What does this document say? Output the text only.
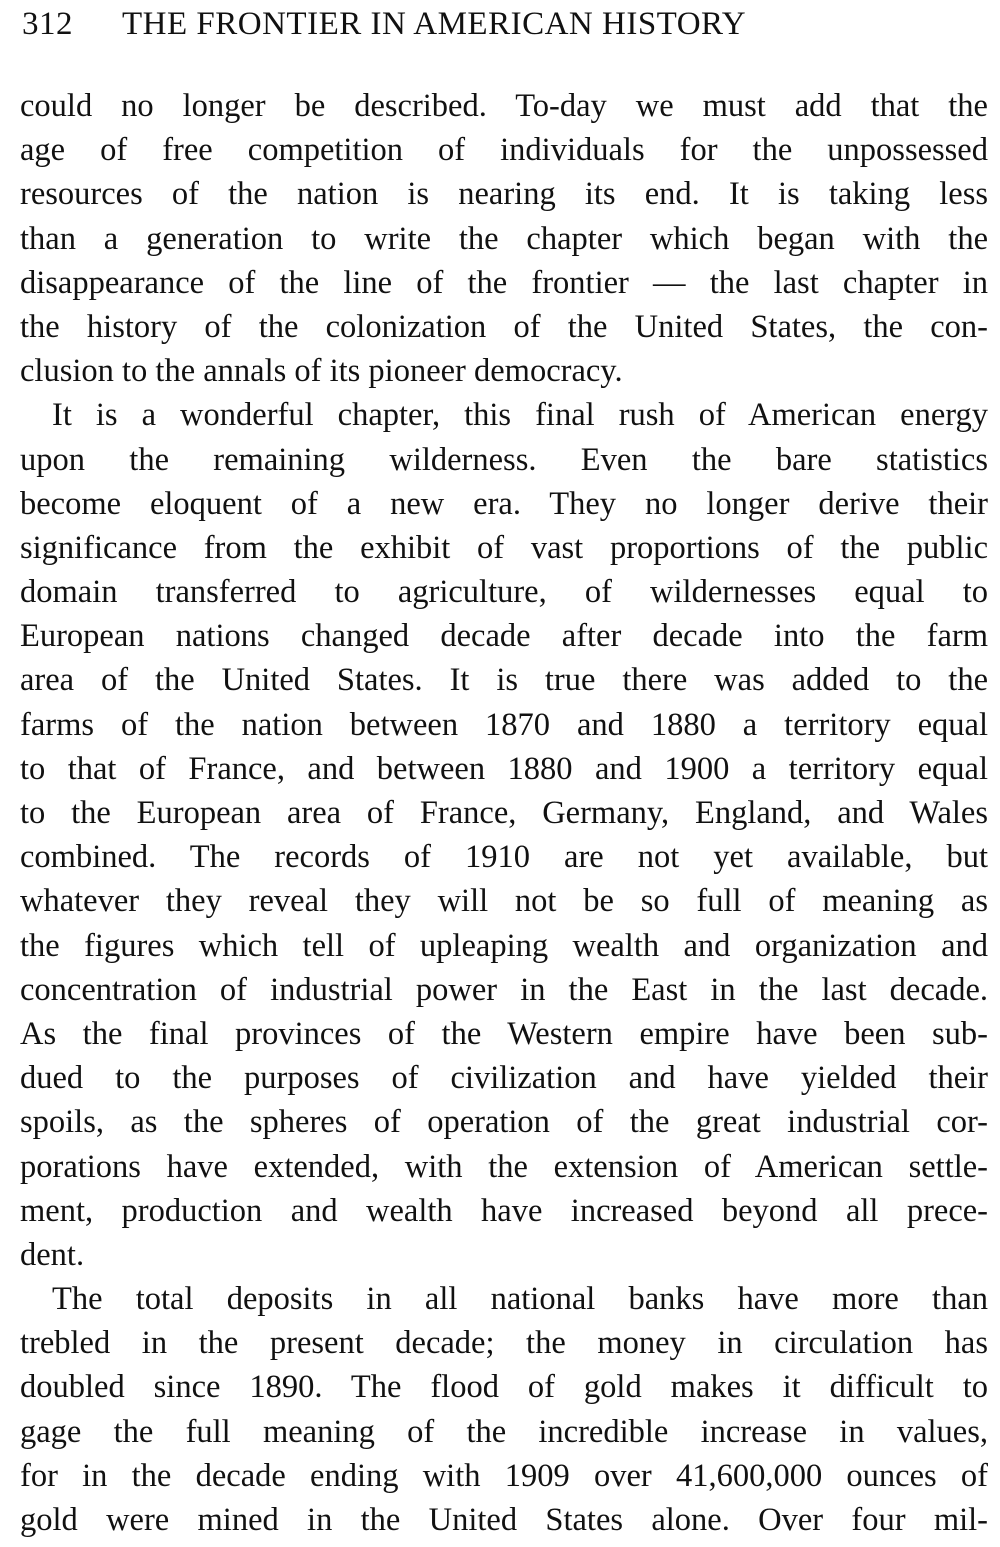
312 THE FRONTIER IN AMERICAN HISTORY
could no longer be described. To-day we must add that the
age of free competition of individuals for the unpossessed
resources of the nation is nearing its end. It is taking less
than a generation to write the chapter which began with the
disappearance of the line of the frontier — the last chapter in
the history of the colonization of the United States, the con-
clusion to the annals of its pioneer democracy.
It is a wonderful chapter, this final rush of American energy
upon the remaining wilderness. Even the bare statistics
become eloquent of a new era. They no longer derive their
significance from the exhibit of vast proportions of the public
domain transferred to agriculture, of wildernesses equal to
European nations changed decade after decade into the farm
area of the United States. It is true there was added to the
farms of the nation between 1870 and 1880 a territory equal
to that of France, and between 1880 and 1900 a territory equal
to the European area of France, Germany, England, and Wales
combined. The records of 1910 are not yet available, but
whatever they reveal they will not be so full of meaning as
the figures which tell of upleaping wealth and organization and
concentration of industrial power in the East in the last decade.
As the final provinces of the Western empire have been sub-
dued to the purposes of civilization and have yielded their
spoils, as the spheres of operation of the great industrial cor-
porations have extended, with the extension of American settle-
ment, production and wealth have increased beyond all prece-
dent.
The total deposits in all national banks have more than
trebled in the present decade; the money in circulation has
doubled since 1890. The flood of gold makes it difficult to
gage the full meaning of the incredible increase in values,
for in the decade ending with 1909 over 41,600,000 ounces of
gold were mined in the United States alone. Over four mil-
